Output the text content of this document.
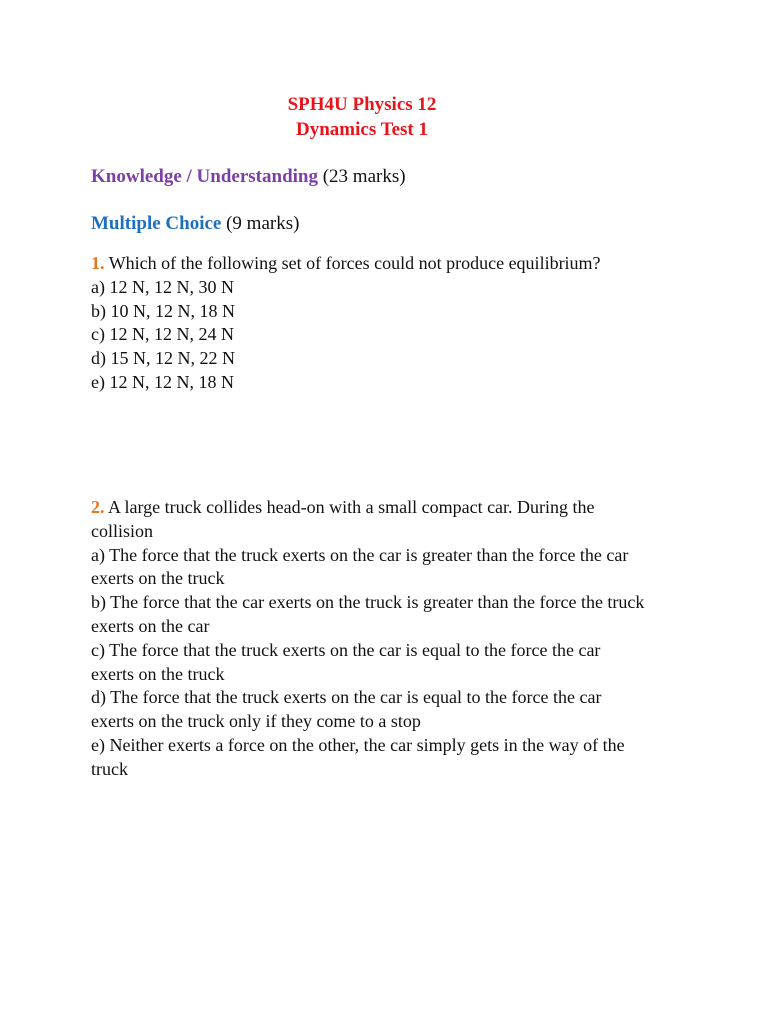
SPH4U Physics 12
Dynamics Test 1
Knowledge / Understanding (23 marks)
Multiple Choice (9 marks)
1. Which of the following set of forces could not produce equilibrium?
a) 12 N, 12 N, 30 N
b) 10 N, 12 N, 18 N
c) 12 N, 12 N, 24 N
d) 15 N, 12 N, 22 N
e) 12 N, 12 N, 18 N
2. A large truck collides head-on with a small compact car. During the
collision
a) The force that the truck exerts on the car is greater than the force the car
exerts on the truck
b) The force that the car exerts on the truck is greater than the force the truck
exerts on the car
c) The force that the truck exerts on the car is equal to the force the car
exerts on the truck
d) The force that the truck exerts on the car is equal to the force the car
exerts on the truck only if they come to a stop
e) Neither exerts a force on the other, the car simply gets in the way of the
truck
